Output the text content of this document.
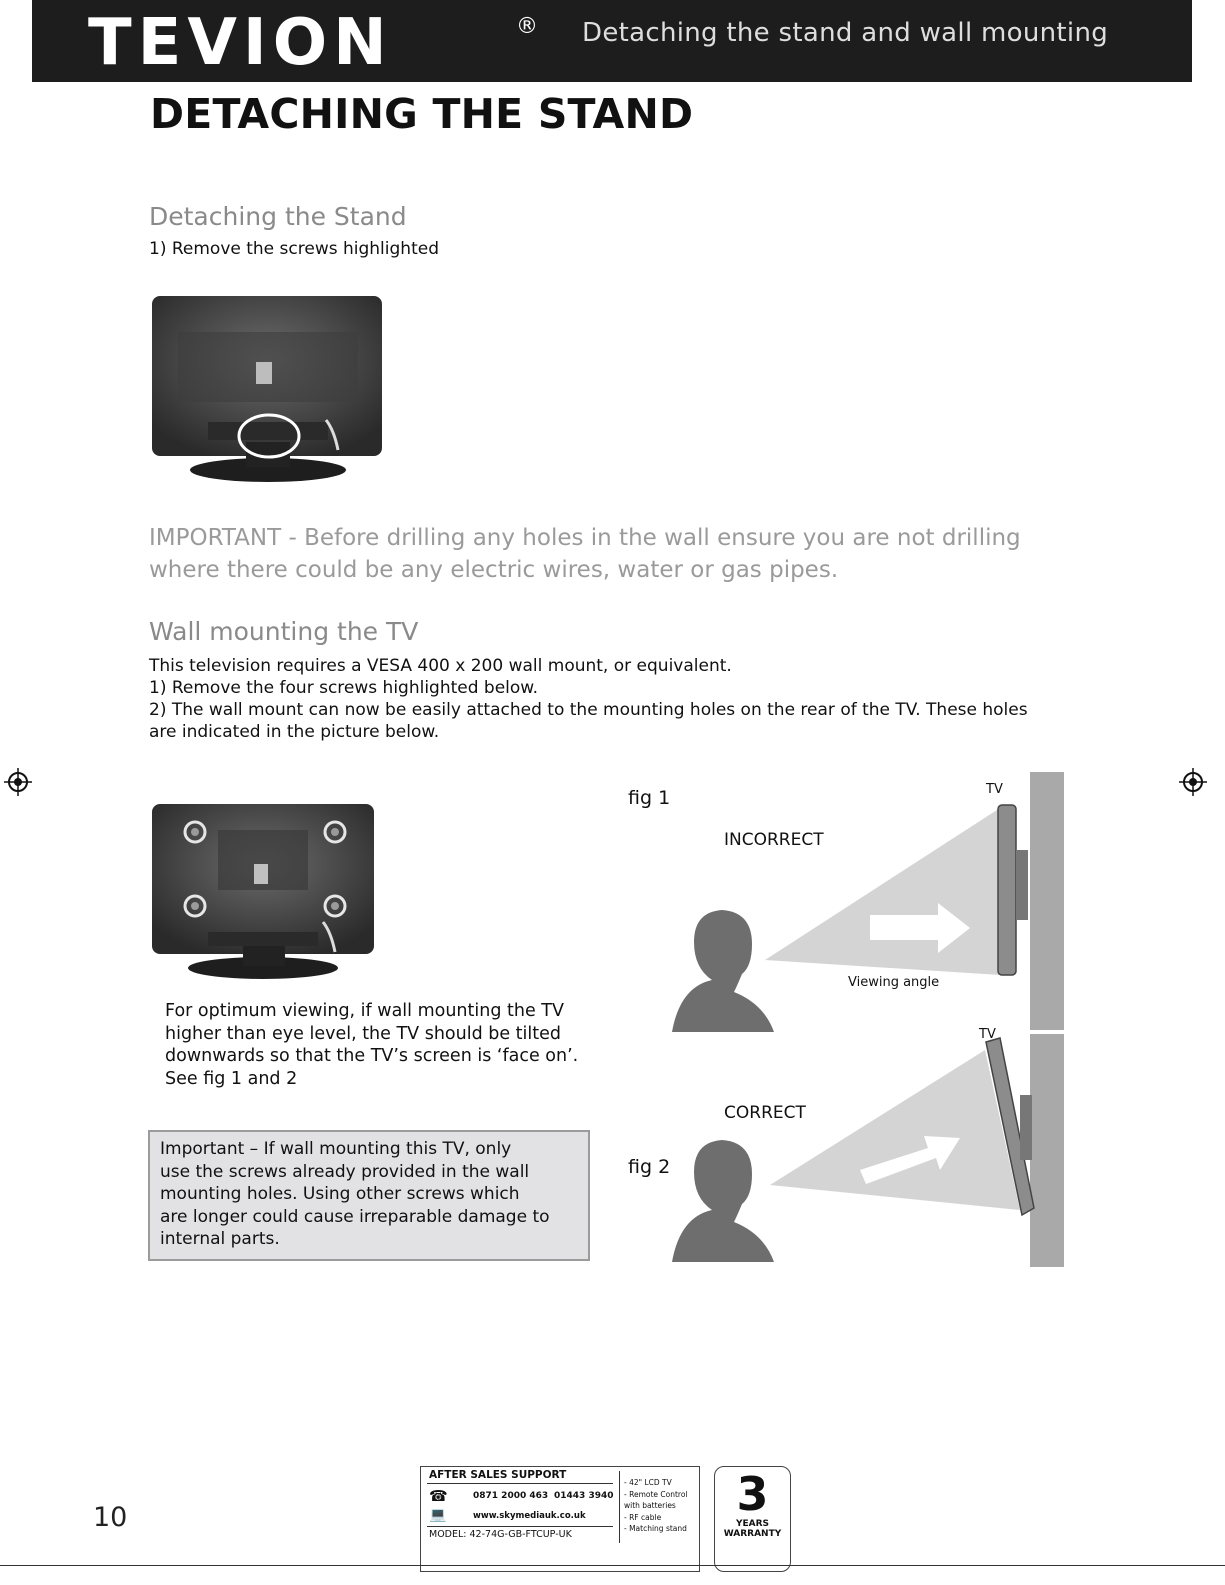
TEVION	® Detaching the stand and wall mounting
DETACHING THE STAND
Detaching the Stand
1) Remove the screws highlighted
IMPORTANT - Before drilling any holes in the wall ensure you are not drilling where there could be any electric wires, water or gas pipes.
Wall mounting the TV
This television requires a VESA 400 x 200 wall mount, or equivalent.
1) Remove the four screws highlighted below.
2) The wall mount can now be easily attached to the mounting holes on the rear of the TV. These holes
are indicated in the picture below.
For optimum viewing, if wall mounting the TV
higher than eye level, the TV should be tilted
downwards so that the TV’s screen is ‘face on’.
See fig 1 and 2
Important – If wall mounting this TV, only
use the screws already provided in the wall
mounting holes. Using other screws which
are longer could cause irreparable damage to
internal parts.
fig 1
fig 2
INCORRECT
CORRECT
TV
TV
Viewing angle
10
AFTER SALES SUPPORT
☎	0871 2000 463 01443 3940
💻	www.skymediauk.co.uk
MODEL: 42-74G-GB-FTCUP-UK
- 42" LCD TV
- Remote Control
with batteries
- RF cable
- Matching stand
3
YEARS
WARRANTY
